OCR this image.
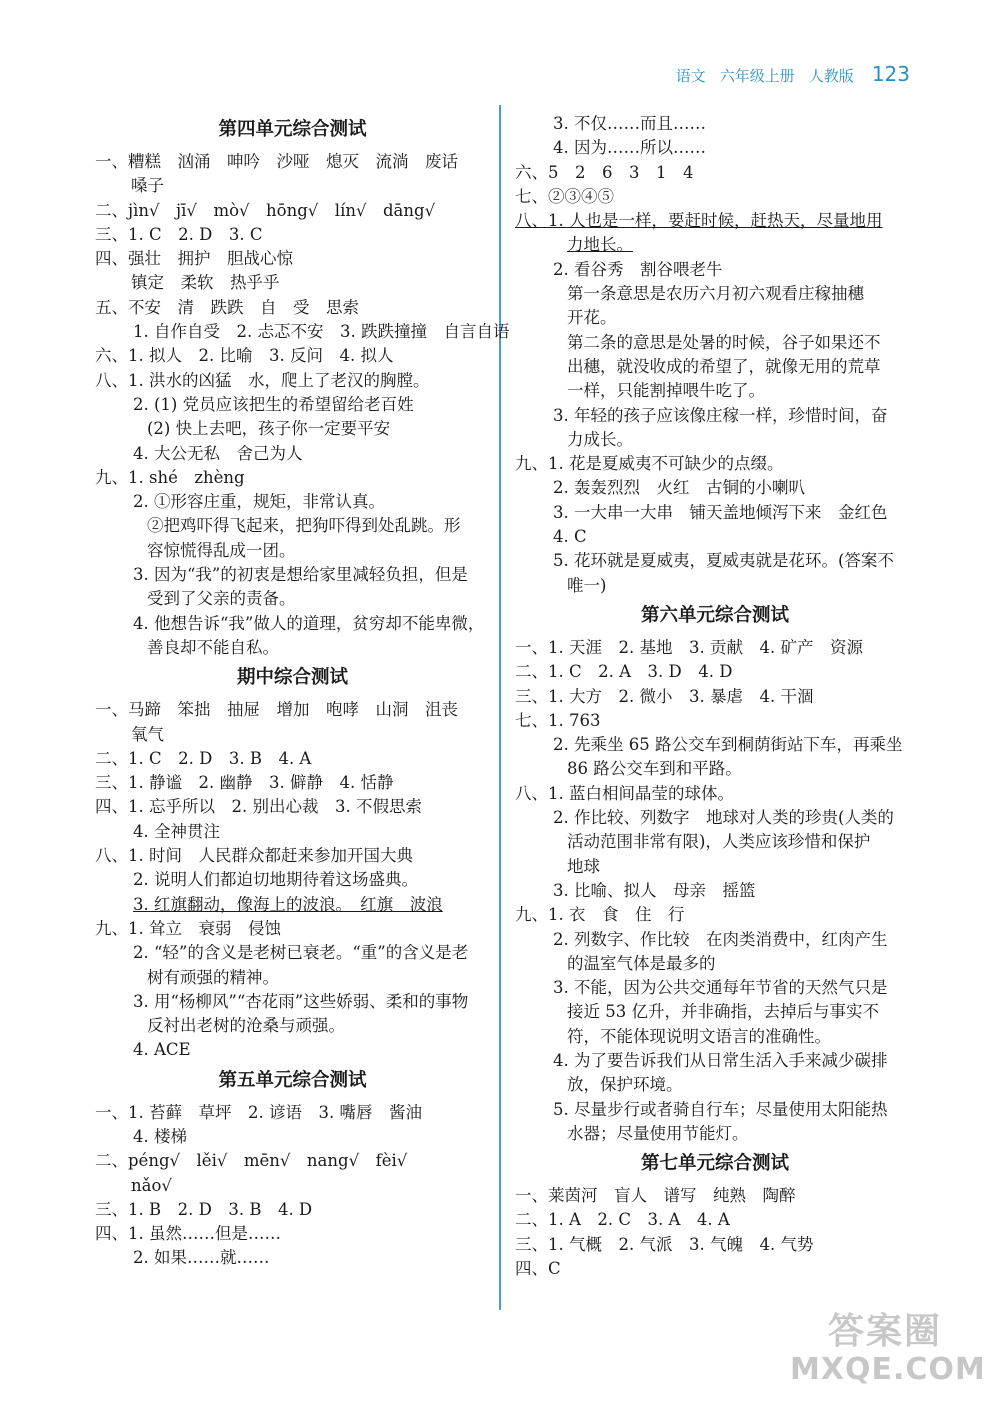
语文 六年级上册 人教版 123
第四单元综合测试
一、糟糕　汹涌　呻吟　沙哑　熄灭　流淌　废话
嗓子
二、jìn√　jī√　mò√　hōng√　lín√　dāng√
三、1. C　2. D　3. C
四、强壮　拥护　胆战心惊
镇定　柔软　热乎乎
五、不安　清　跌跌　自　受　思索
1. 自作自受　2. 忐忑不安　3. 跌跌撞撞　自言自语
六、1. 拟人　2. 比喻　3. 反问　4. 拟人
八、1. 洪水的凶猛　水，爬上了老汉的胸膛。
2. (1) 党员应该把生的希望留给老百姓
(2) 快上去吧，孩子你一定要平安
4. 大公无私　舍己为人
九、1. shé　zhèng
2. ①形容庄重，规矩，非常认真。
②把鸡吓得飞起来，把狗吓得到处乱跳。形
容惊慌得乱成一团。
3. 因为“我”的初衷是想给家里减轻负担，但是
受到了父亲的责备。
4. 他想告诉“我”做人的道理，贫穷却不能卑微，
善良却不能自私。
期中综合测试
一、马蹄　笨拙　抽屉　增加　咆哮　山洞　沮丧
氧气
二、1. C　2. D　3. B　4. A
三、1. 静谧　2. 幽静　3. 僻静　4. 恬静
四、1. 忘乎所以　2. 别出心裁　3. 不假思索
4. 全神贯注
八、1. 时间　人民群众都赶来参加开国大典
2. 说明人们都迫切地期待着这场盛典。
3. 红旗翻动，像海上的波浪。　红旗　波浪
九、1. 耸立　衰弱　侵蚀
2. “轻”的含义是老树已衰老。“重”的含义是老
树有顽强的精神。
3. 用“杨柳风”“杏花雨”这些娇弱、柔和的事物
反衬出老树的沧桑与顽强。
4. ACE
第五单元综合测试
一、1. 苔藓　草坪　2. 谚语　3. 嘴唇　酱油
4. 楼梯
二、péng√　lěi√　mēn√　nang√　fèi√
nǎo√
三、1. B　2. D　3. B　4. D
四、1. 虽然……但是……
2. 如果……就……
3. 不仅……而且……
4. 因为……所以……
六、5　2　6　3　1　4
七、②③④⑤
八、1. 人也是一样，要赶时候，赶热天，尽量地用
力地长。
2. 看谷秀　割谷喂老牛
第一条意思是农历六月初六观看庄稼抽穗
开花。
第二条的意思是处暑的时候，谷子如果还不
出穗，就没收成的希望了，就像无用的荒草
一样，只能割掉喂牛吃了。
3. 年轻的孩子应该像庄稼一样，珍惜时间，奋
力成长。
九、1. 花是夏威夷不可缺少的点缀。
2. 轰轰烈烈　火红　古铜的小喇叭
3. 一大串一大串　铺天盖地倾泻下来　金红色
4. C
5. 花环就是夏威夷，夏威夷就是花环。(答案不
唯一)
第六单元综合测试
一、1. 天涯　2. 基地　3. 贡献　4. 矿产　资源
二、1. C　2. A　3. D　4. D
三、1. 大方　2. 微小　3. 暴虐　4. 干涸
七、1. 763
2. 先乘坐 65 路公交车到桐荫街站下车，再乘坐
86 路公交车到和平路。
八、1. 蓝白相间晶莹的球体。
2. 作比较、列数字　地球对人类的珍贵(人类的
活动范围非常有限)，人类应该珍惜和保护
地球
3. 比喻、拟人　母亲　摇篮
九、1. 衣　食　住　行
2. 列数字、作比较　在肉类消费中，红肉产生
的温室气体是最多的
3. 不能，因为公共交通每年节省的天然气只是
接近 53 亿升，并非确指，去掉后与事实不
符，不能体现说明文语言的准确性。
4. 为了要告诉我们从日常生活入手来减少碳排
放，保护环境。
5. 尽量步行或者骑自行车；尽量使用太阳能热
水器；尽量使用节能灯。
第七单元综合测试
一、莱茵河　盲人　谱写　纯熟　陶醉
二、1. A　2. C　3. A　4. A
三、1. 气概　2. 气派　3. 气魄　4. 气势
四、C
答案圈
MXQE.COM
